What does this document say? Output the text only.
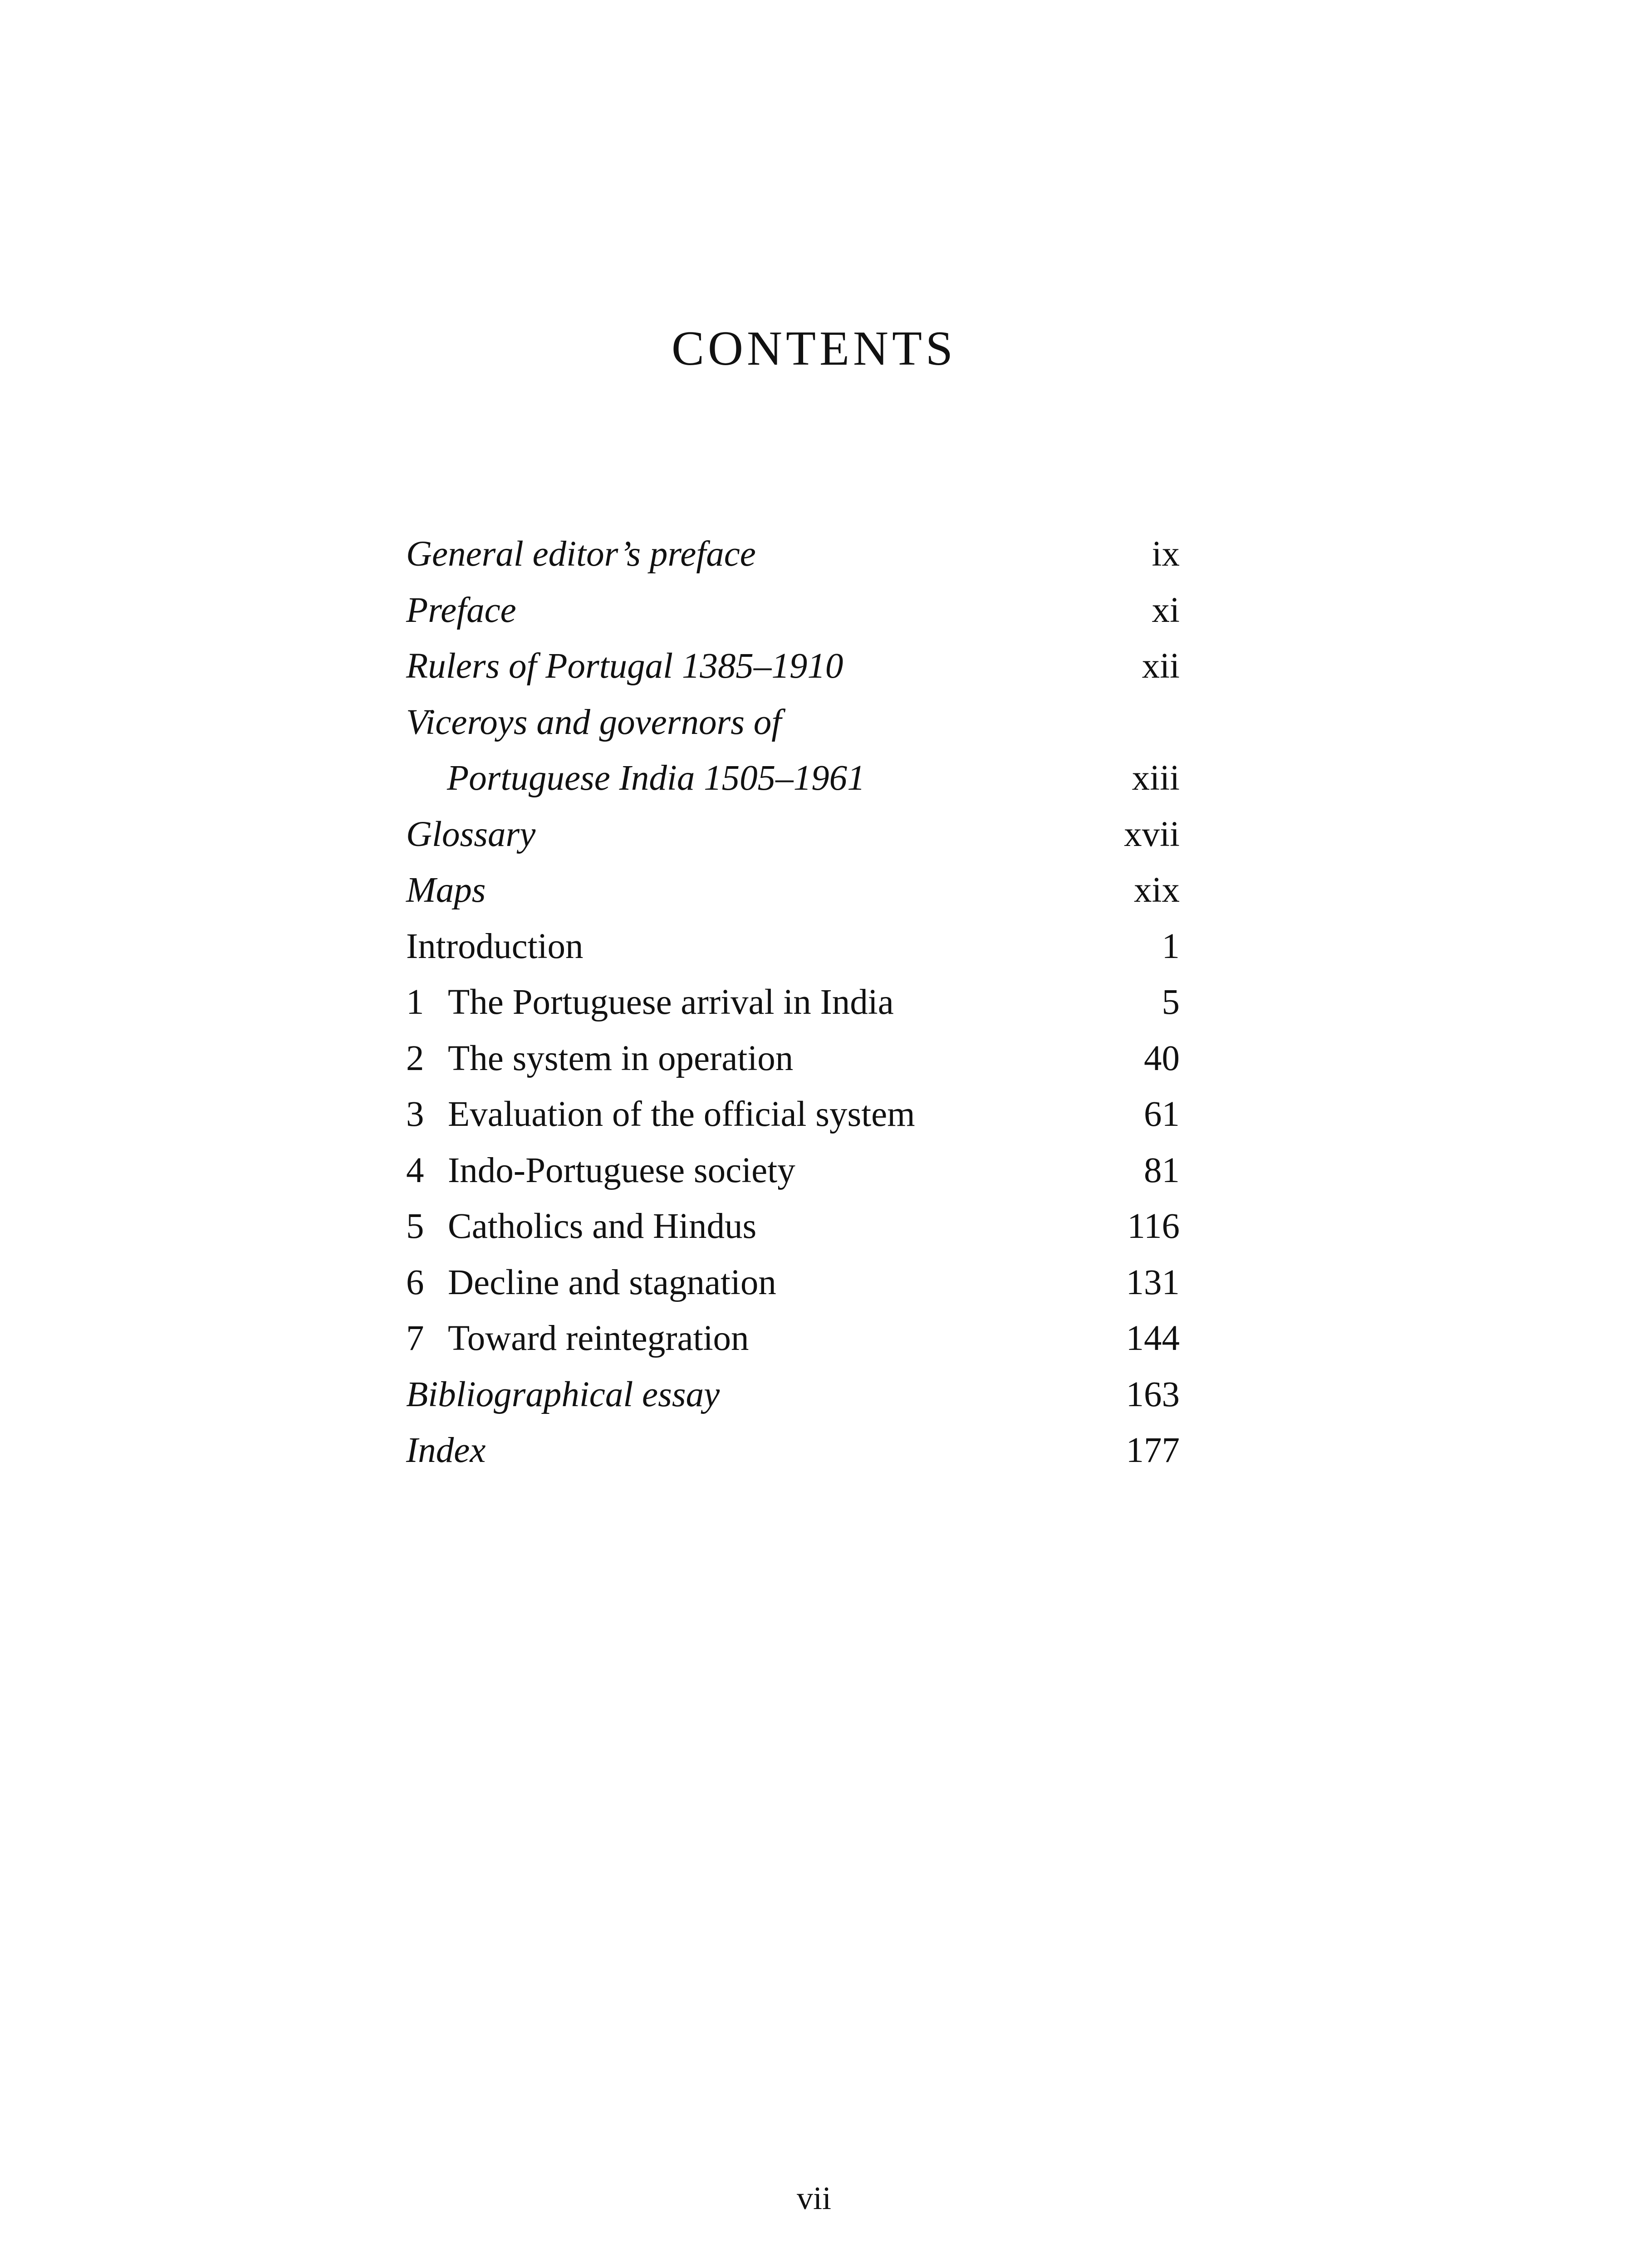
CONTENTS
General editor’s preface	ix
Preface	xi
Rulers of Portugal 1385–1910	xii
Viceroys and governors of
Portuguese India 1505–1961	xiii
Glossary	xvii
Maps	xix
Introduction	1
1 The Portuguese arrival in India	5
2 The system in operation	40
3 Evaluation of the official system	61
4 Indo-Portuguese society	81
5 Catholics and Hindus	116
6 Decline and stagnation	131
7 Toward reintegration	144
Bibliographical essay	163
Index	177
vii
